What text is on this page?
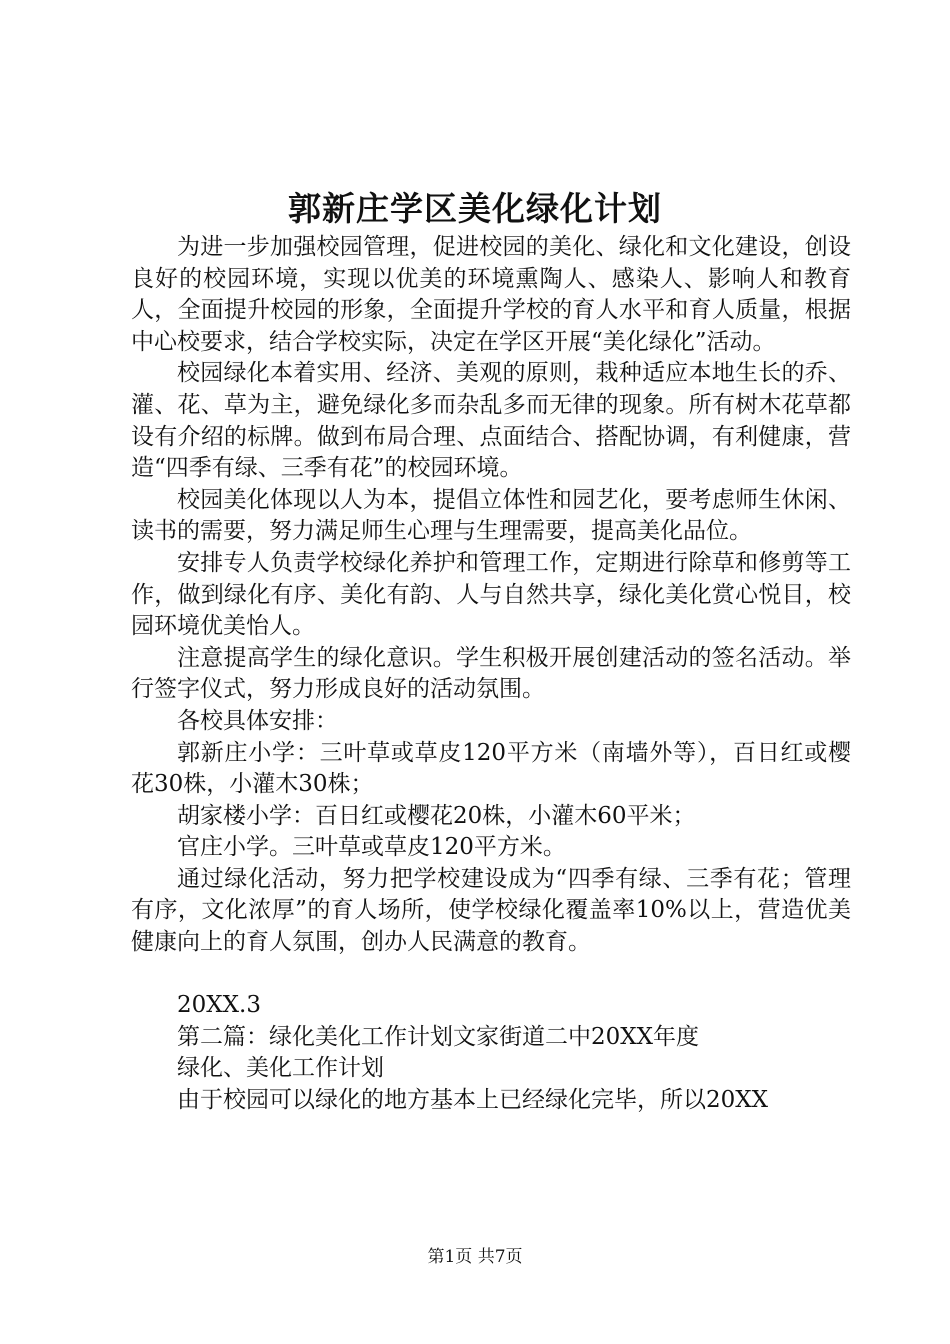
郭新庄学区美化绿化计划

为进一步加强校园管理，促进校园的美化、绿化和文化建设，创设良好的校园环境，实现以优美的环境熏陶人、感染人、影响人和教育人，全面提升校园的形象，全面提升学校的育人水平和育人质量，根据中心校要求，结合学校实际，决定在学区开展“美化绿化”活动。

校园绿化本着实用、经济、美观的原则，栽种适应本地生长的乔、灌、花、草为主，避免绿化多而杂乱多而无律的现象。所有树木花草都设有介绍的标牌。做到布局合理、点面结合、搭配协调，有利健康，营造“四季有绿、三季有花”的校园环境。

校园美化体现以人为本，提倡立体性和园艺化，要考虑师生休闲、读书的需要，努力满足师生心理与生理需要，提高美化品位。

安排专人负责学校绿化养护和管理工作，定期进行除草和修剪等工作，做到绿化有序、美化有韵、人与自然共享，绿化美化赏心悦目，校园环境优美怡人。

注意提高学生的绿化意识。学生积极开展创建活动的签名活动。举行签字仪式，努力形成良好的活动氛围。

各校具体安排：

郭新庄小学：三叶草或草皮120平方米（南墙外等），百日红或樱花30株，小灌木30株；

胡家楼小学：百日红或樱花20株，小灌木60平米；

官庄小学。三叶草或草皮120平方米。

通过绿化活动，努力把学校建设成为“四季有绿、三季有花；管理有序，文化浓厚”的育人场所，使学校绿化覆盖率10%以上，营造优美健康向上的育人氛围，创办人民满意的教育。

20XX.3

第二篇：绿化美化工作计划文家街道二中20XX年度

绿化、美化工作计划

由于校园可以绿化的地方基本上已经绿化完毕，所以20XX

第1页 共7页
